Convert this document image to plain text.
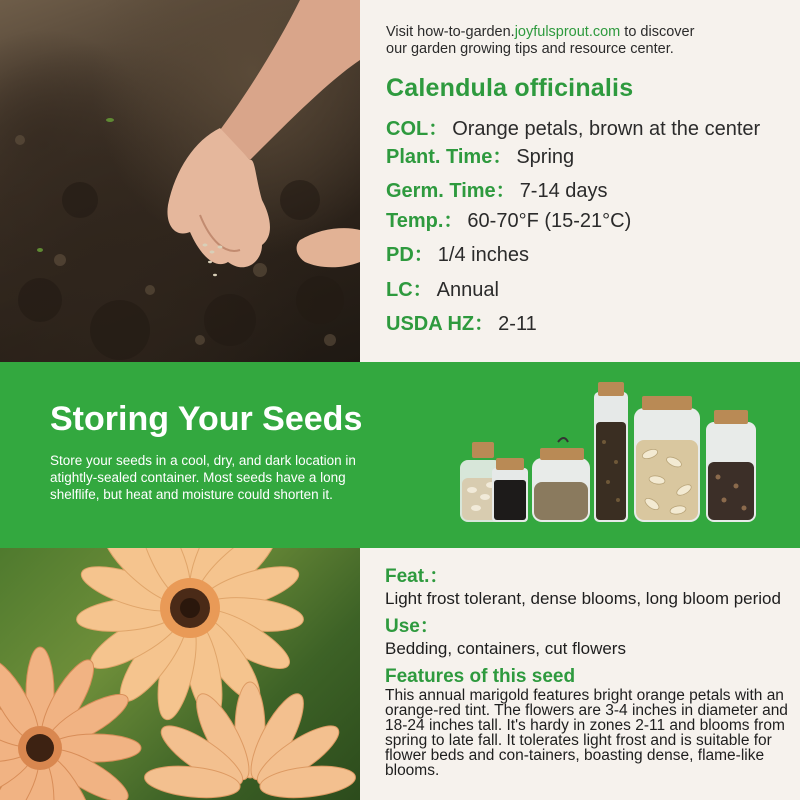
Visit how-to-garden.joyfulsprout.com to discover
our garden growing tips and resource center.
Calendula officinalis
COL： Orange petals, brown at the center
Plant. Time： Spring
Germ. Time： 7-14 days
Temp.： 60-70°F (15-21°C)
PD： 1/4 inches
LC： Annual
USDA HZ： 2-11
Storing Your Seeds

Store your seeds in a cool, dry, and dark location in atightly-sealed container. Most seeds have a long shelflife, but heat and moisture could shorten it.

Feat.：
Light frost tolerant, dense blooms, long bloom period
Use：
Bedding, containers, cut flowers
Features of this seed
This annual marigold features bright orange petals with an orange-red tint. The flowers are 3-4 inches in diameter and 18-24 inches tall. It's hardy in zones 2-11 and blooms from spring to late fall. It tolerates light frost and is suitable for flower beds and con-tainers, boasting dense, flame-like blooms.
